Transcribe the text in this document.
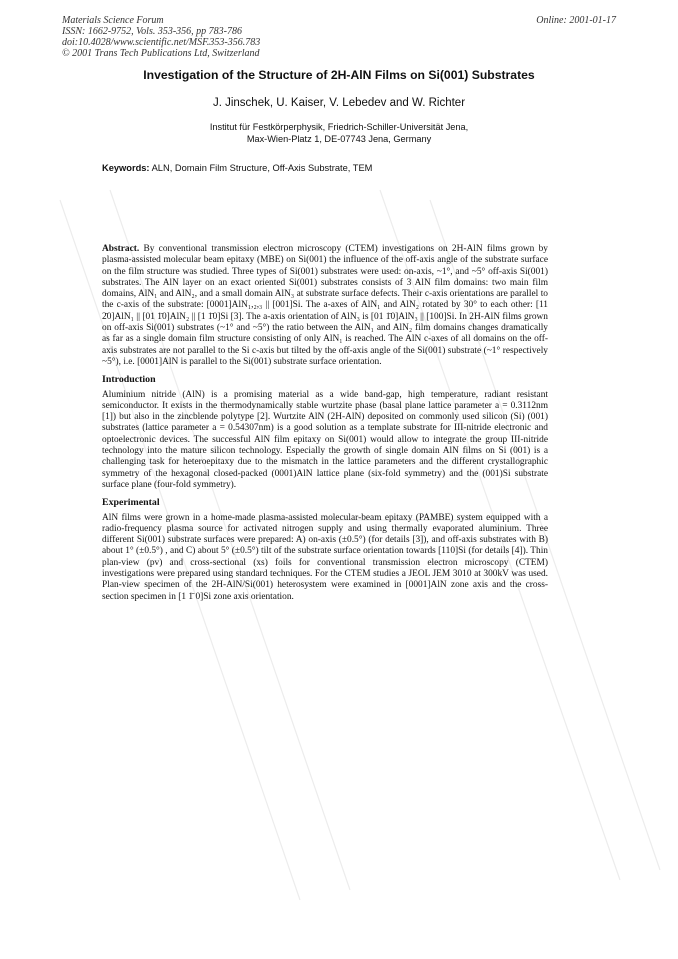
Materials Science Forum
ISSN: 1662-9752, Vols. 353-356, pp 783-786
doi:10.4028/www.scientific.net/MSF.353-356.783
© 2001 Trans Tech Publications Ltd, Switzerland
Online: 2001-01-17
Investigation of the Structure of 2H-AlN Films on Si(001) Substrates
J. Jinschek, U. Kaiser, V. Lebedev and W. Richter
Institut für Festkörperphysik, Friedrich-Schiller-Universität Jena,
Max-Wien-Platz 1, DE-07743 Jena, Germany
Keywords: ALN, Domain Film Structure, Off-Axis Substrate, TEM

Abstract. By conventional transmission electron microscopy (CTEM) investigations on 2H-AlN films grown by plasma-assisted molecular beam epitaxy (MBE) on Si(001) the influence of the off-axis angle of the substrate surface on the film structure was studied. Three types of Si(001) substrates were used: on-axis, ~1°, and ~5° off-axis Si(001) substrates. The AlN layer on an exact oriented Si(001) substrates consists of 3 AlN film domains: two main film domains, AlN₁ and AlN₂, and a small domain AlN₃ at substrate surface defects. Their c-axis orientations are parallel to the c-axis of the substrate: [0001]AlN₁,₂,₃ || [001]Si. The a-axes of AlN₁ and AlN₂ rotated by 30° to each other: [11 2̄0]AlN₁ || [01 1̄0]AlN₂ || [1 1̄0]Si [3]. The a-axis orientation of AlN₃ is [01 1̄0]AlN₃ || [100]Si. In 2H-AlN films grown on off-axis Si(001) substrates (~1° and ~5°) the ratio between the AlN₁ and AlN₂ film domains changes dramatically as far as a single domain film structure consisting of only AlN₁ is reached. The AlN c-axes of all domains on the off-axis substrates are not parallel to the Si c-axis but tilted by the off-axis angle of the Si(001) substrate (~1° respectively ~5°), i.e. [0001]AlN is parallel to the Si(001) substrate surface orientation.

Introduction

Aluminium nitride (AlN) is a promising material as a wide band-gap, high temperature, radiant resistant semiconductor. It exists in the thermodynamically stable wurtzite phase (basal plane lattice parameter a = 0.3112nm [1]) but also in the zincblende polytype [2]. Wurtzite AlN (2H-AlN) deposited on commonly used silicon (Si) (001) substrates (lattice parameter a = 0.54307nm) is a good solution as a template substrate for III-nitride electronic and optoelectronic devices. The successful AlN film epitaxy on Si(001) would allow to integrate the group III-nitride technology into the mature silicon technology. Especially the growth of single domain AlN films on Si (001) is a challenging task for heteroepitaxy due to the mismatch in the lattice parameters and the different crystallographic symmetry of the hexagonal closed-packed (0001)AlN lattice plane (six-fold symmetry) and the (001)Si substrate surface plane (four-fold symmetry).

Experimental

AlN films were grown in a home-made plasma-assisted molecular-beam epitaxy (PAMBE) system equipped with a radio-frequency plasma source for activated nitrogen supply and using thermally evaporated aluminium. Three different Si(001) substrate surfaces were prepared: A) on-axis (±0.5°) (for details [3]), and off-axis substrates with B) about 1° (±0.5°) , and C) about 5° (±0.5°) tilt of the substrate surface orientation towards [110]Si (for details [4]). Thin plan-view (pv) and cross-sectional (xs) foils for conventional transmission electron microscopy (CTEM) investigations were prepared using standard techniques. For the CTEM studies a JEOL JEM 3010 at 300kV was used. Plan-view specimen of the 2H-AlN/Si(001) heterosystem were examined in [0001]AlN zone axis and the cross-section specimen in [1 1̄ 0]Si zone axis orientation.
